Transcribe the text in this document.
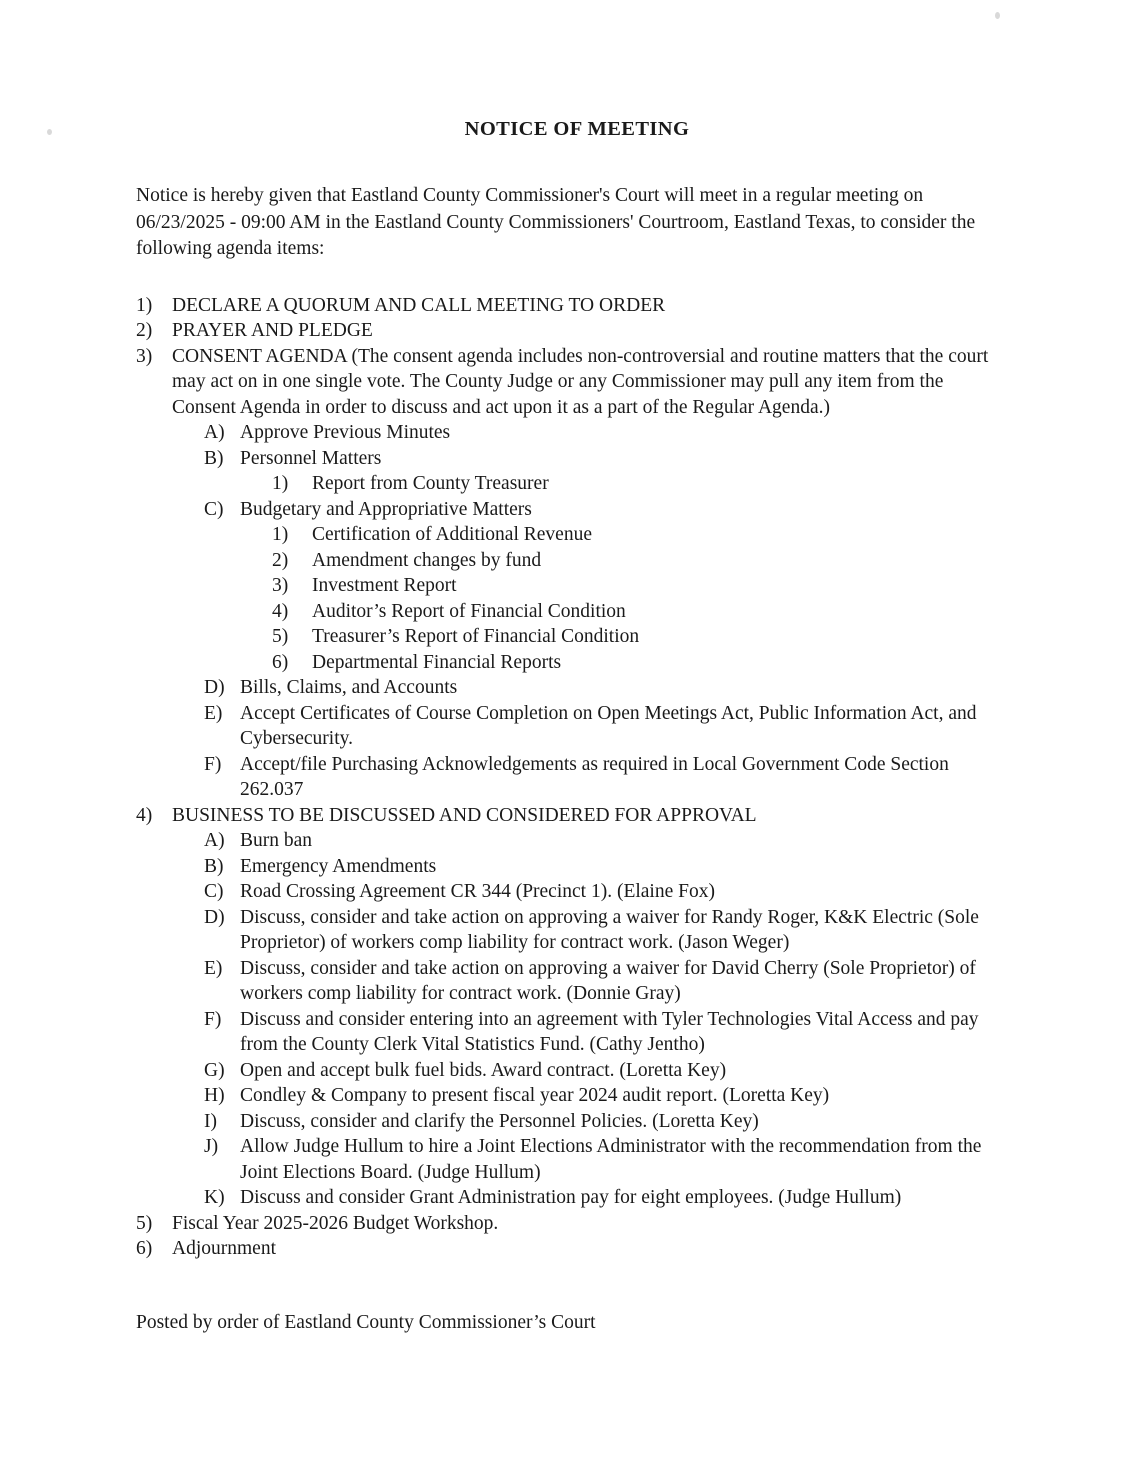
NOTICE OF MEETING

Notice is hereby given that Eastland County Commissioner's Court will meet in a regular meeting on 06/23/2025 - 09:00 AM in the Eastland County Commissioners' Courtroom, Eastland Texas, to consider the following agenda items:

1)	DECLARE A QUORUM AND CALL MEETING TO ORDER
2)	PRAYER AND PLEDGE
3)	CONSENT AGENDA (The consent agenda includes non-controversial and routine matters that the court may act on in one single vote. The County Judge or any Commissioner may pull any item from the Consent Agenda in order to discuss and act upon it as a part of the Regular Agenda.)
A) Approve Previous Minutes
B) Personnel Matters
1)	Report from County Treasurer
C) Budgetary and Appropriative Matters
1)	Certification of Additional Revenue
2)	Amendment changes by fund
3)	Investment Report
4)	Auditor’s Report of Financial Condition
5)	Treasurer’s Report of Financial Condition
6)	Departmental Financial Reports
D) Bills, Claims, and Accounts
E) Accept Certificates of Course Completion on Open Meetings Act, Public Information Act, and Cybersecurity.
F) Accept/file Purchasing Acknowledgements as required in Local Government Code Section 262.037
4)	BUSINESS TO BE DISCUSSED AND CONSIDERED FOR APPROVAL
A) Burn ban
B) Emergency Amendments
C) Road Crossing Agreement CR 344 (Precinct 1). (Elaine Fox)
D) Discuss, consider and take action on approving a waiver for Randy Roger, K&K Electric (Sole Proprietor) of workers comp liability for contract work. (Jason Weger)
E) Discuss, consider and take action on approving a waiver for David Cherry (Sole Proprietor) of workers comp liability for contract work. (Donnie Gray)
F) Discuss and consider entering into an agreement with Tyler Technologies Vital Access and pay from the County Clerk Vital Statistics Fund. (Cathy Jentho)
G) Open and accept bulk fuel bids. Award contract. (Loretta Key)
H) Condley & Company to present fiscal year 2024 audit report. (Loretta Key)
I)	Discuss, consider and clarify the Personnel Policies. (Loretta Key)
J)	Allow Judge Hullum to hire a Joint Elections Administrator with the recommendation from the Joint Elections Board. (Judge Hullum)
K) Discuss and consider Grant Administration pay for eight employees. (Judge Hullum)
5)	Fiscal Year 2025-2026 Budget Workshop.
6)	Adjournment

Posted by order of Eastland County Commissioner’s Court
